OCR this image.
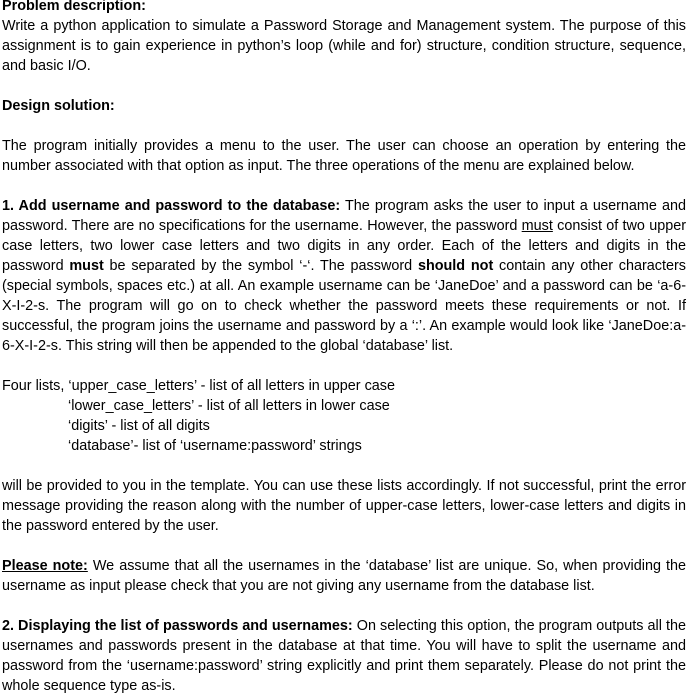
Problem description:

Write a python application to simulate a Password Storage and Management system. The purpose of this assignment is to gain experience in python’s loop (while and for) structure, condition structure, sequence, and basic I/O.

Design solution:

The program initially provides a menu to the user. The user can choose an operation by entering the number associated with that option as input. The three operations of the menu are explained below.

1. Add username and password to the database: The program asks the user to input a username and password. There are no specifications for the username. However, the password must consist of two upper case letters, two lower case letters and two digits in any order. Each of the letters and digits in the password must be separated by the symbol ‘-‘. The password should not contain any other characters (special symbols, spaces etc.) at all. An example username can be ‘JaneDoe’ and a password can be ‘a-6-X-I-2-s. The program will go on to check whether the password meets these requirements or not. If successful, the program joins the username and password by a ‘:’. An example would look like ‘JaneDoe:a-6-X-I-2-s. This string will then be appended to the global ‘database’ list.

Four lists, ‘upper_case_letters’ - list of all letters in upper case

‘lower_case_letters’ - list of all letters in lower case

‘digits’ - list of all digits

‘database’- list of ‘username:password’ strings

will be provided to you in the template. You can use these lists accordingly. If not successful, print the error message providing the reason along with the number of upper-case letters, lower-case letters and digits in the password entered by the user.

Please note: We assume that all the usernames in the ‘database’ list are unique. So, when providing the username as input please check that you are not giving any username from the database list.

2. Displaying the list of passwords and usernames: On selecting this option, the program outputs all the usernames and passwords present in the database at that time. You will have to split the username and password from the ‘username:password’ string explicitly and print them separately. Please do not print the whole sequence type as-is.
